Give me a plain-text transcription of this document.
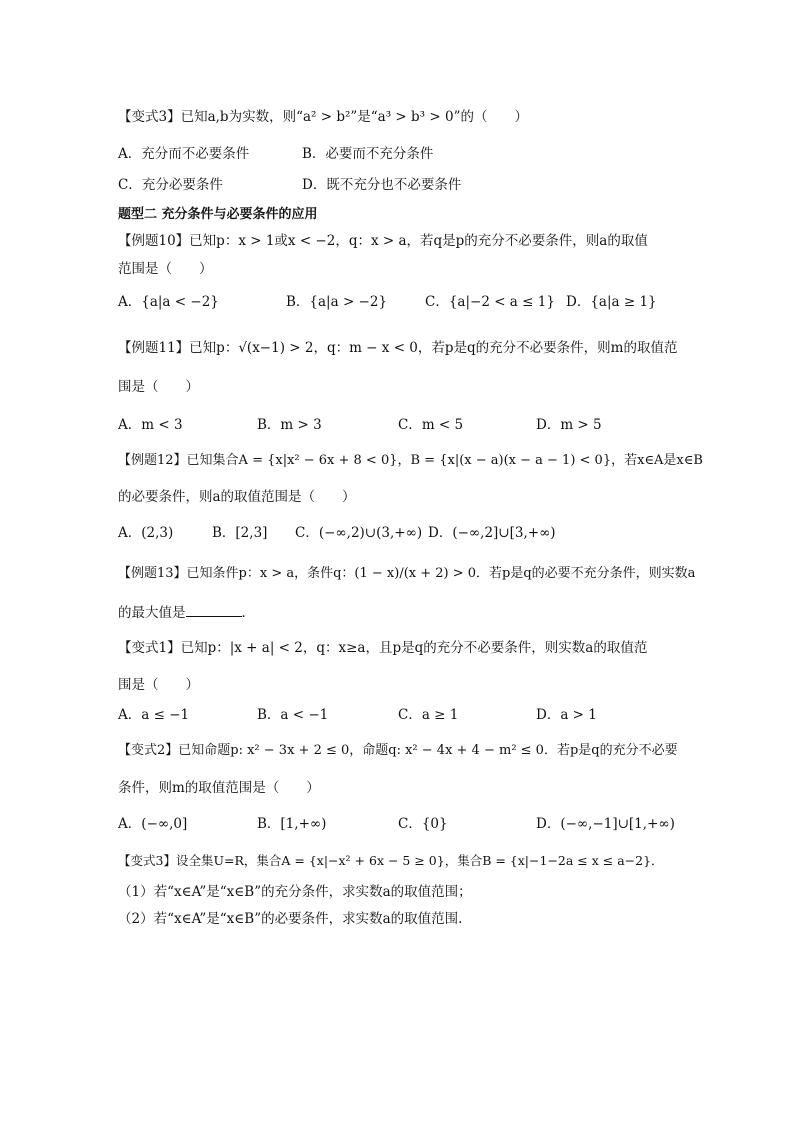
【变式3】已知a,b为实数，则“a² > b²”是“a³ > b³ > 0”的（　　）
A．充分而不必要条件	B．必要而不充分条件
C．充分必要条件	D．既不充分也不必要条件
题型二 充分条件与必要条件的应用
【例题10】已知p：x > 1或x < −2，q：x > a，若q是p的充分不必要条件，则a的取值
范围是（　　）
A．{a|a < −2}	B．{a|a > −2}	C．{a|−2 < a ≤ 1} D．{a|a ≥ 1}
【例题11】已知p：√(x−1) > 2，q：m − x < 0，若p是q的充分不必要条件，则m的取值范
围是（　　）
A．m < 3	B．m > 3	C．m < 5	D．m > 5
【例题12】已知集合A = {x|x² − 6x + 8 < 0}，B = {x|(x − a)(x − a − 1) < 0}，若x∈A是x∈B
的必要条件，则a的取值范围是（　　）
A．(2,3)	B．[2,3] C．(−∞,2)∪(3,+∞) D．(−∞,2]∪[3,+∞)
【例题13】已知条件p：x > a，条件q：(1 − x)/(x + 2) > 0．若p是q的必要不充分条件，则实数a
的最大值是	．
【变式1】已知p：|x + a| < 2，q：x≥a，且p是q的充分不必要条件，则实数a的取值范
围是（　　）
A．a ≤ −1	B．a < −1	C．a ≥ 1	D．a > 1
【变式2】已知命题p: x² − 3x + 2 ≤ 0，命题q: x² − 4x + 4 − m² ≤ 0．若p是q的充分不必要
条件，则m的取值范围是（　　）
A．(−∞,0]	B．[1,+∞)	C．{0}	D．(−∞,−1]∪[1,+∞)
【变式3】设全集U=R，集合A = {x|−x² + 6x − 5 ≥ 0}，集合B = {x|−1−2a ≤ x ≤ a−2}．
（1）若“x∈A”是“x∈B”的充分条件，求实数a的取值范围；
（2）若“x∈A”是“x∈B”的必要条件，求实数a的取值范围.
